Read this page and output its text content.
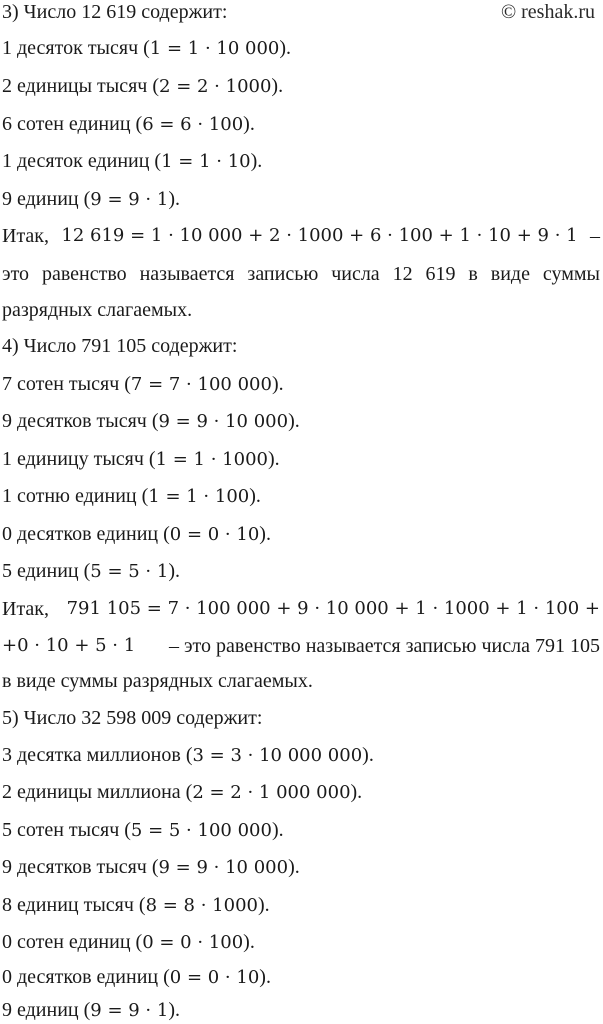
© reshak.ru
3) Число 12 619 содержит:
1 десяток тысяч (1 = 1 · 10 000).
2 единицы тысяч (2 = 2 · 1000).
6 сотен единиц (6 = 6 · 100).
1 десяток единиц (1 = 1 · 10).
9 единиц (9 = 9 · 1).
Итак, 12 619 = 1 · 10 000 + 2 · 1000 + 6 · 100 + 1 · 10 + 9 · 1 –
это равенство называется записью числа 12 619 в виде суммы
разрядных слагаемых.
4) Число 791 105 содержит:
7 сотен тысяч (7 = 7 · 100 000).
9 десятков тысяч (9 = 9 · 10 000).
1 единицу тысяч (1 = 1 · 1000).
1 сотню единиц (1 = 1 · 100).
0 десятков единиц (0 = 0 · 10).
5 единиц (5 = 5 · 1).
Итак, 791 105 = 7 · 100 000 + 9 · 10 000 + 1 · 1000 + 1 · 100 +
+0 · 10 + 5 · 1 – это равенство называется записью числа 791 105
в виде суммы разрядных слагаемых.
5) Число 32 598 009 содержит:
3 десятка миллионов (3 = 3 · 10 000 000).
2 единицы миллиона (2 = 2 · 1 000 000).
5 сотен тысяч (5 = 5 · 100 000).
9 десятков тысяч (9 = 9 · 10 000).
8 единиц тысяч (8 = 8 · 1000).
0 сотен единиц (0 = 0 · 100).
0 десятков единиц (0 = 0 · 10).
9 единиц (9 = 9 · 1).
